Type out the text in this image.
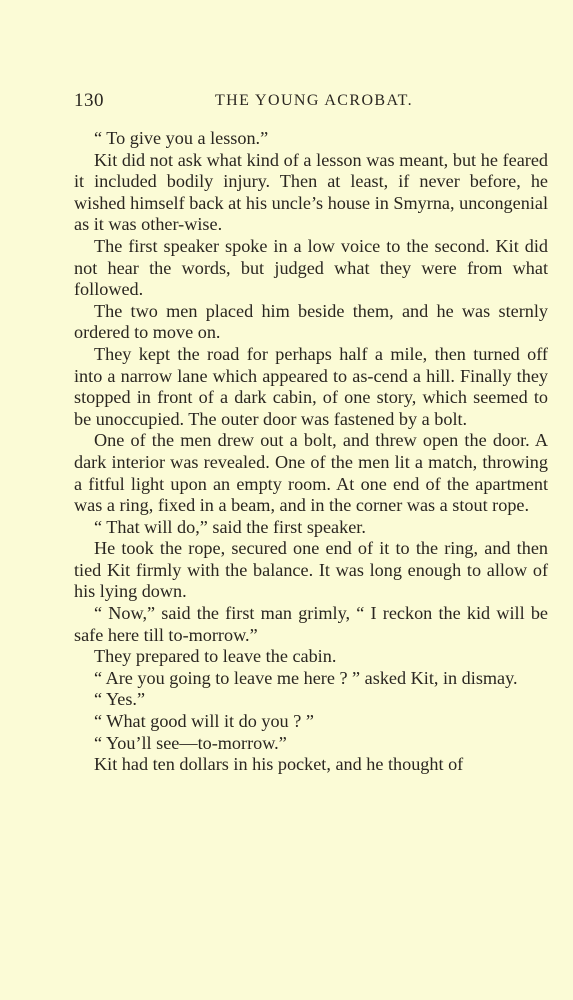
130	THE YOUNG ACROBAT.

“ To give you a lesson.”

Kit did not ask what kind of a lesson was meant, but he feared it included bodily injury. Then at least, if never before, he wished himself back at his uncle’s house in Smyrna, uncongenial as it was other-wise.

The first speaker spoke in a low voice to the second. Kit did not hear the words, but judged what they were from what followed.

The two men placed him beside them, and he was sternly ordered to move on.

They kept the road for perhaps half a mile, then turned off into a narrow lane which appeared to as-cend a hill. Finally they stopped in front of a dark cabin, of one story, which seemed to be unoccupied. The outer door was fastened by a bolt.

One of the men drew out a bolt, and threw open the door. A dark interior was revealed. One of the men lit a match, throwing a fitful light upon an empty room. At one end of the apartment was a ring, fixed in a beam, and in the corner was a stout rope.

“ That will do,” said the first speaker.

He took the rope, secured one end of it to the ring, and then tied Kit firmly with the balance. It was long enough to allow of his lying down.

“ Now,” said the first man grimly, “ I reckon the kid will be safe here till to-morrow.”

They prepared to leave the cabin.

“ Are you going to leave me here ? ” asked Kit, in dismay.

“ Yes.”

“ What good will it do you ? ”

“ You’ll see—to-morrow.”

Kit had ten dollars in his pocket, and he thought of
